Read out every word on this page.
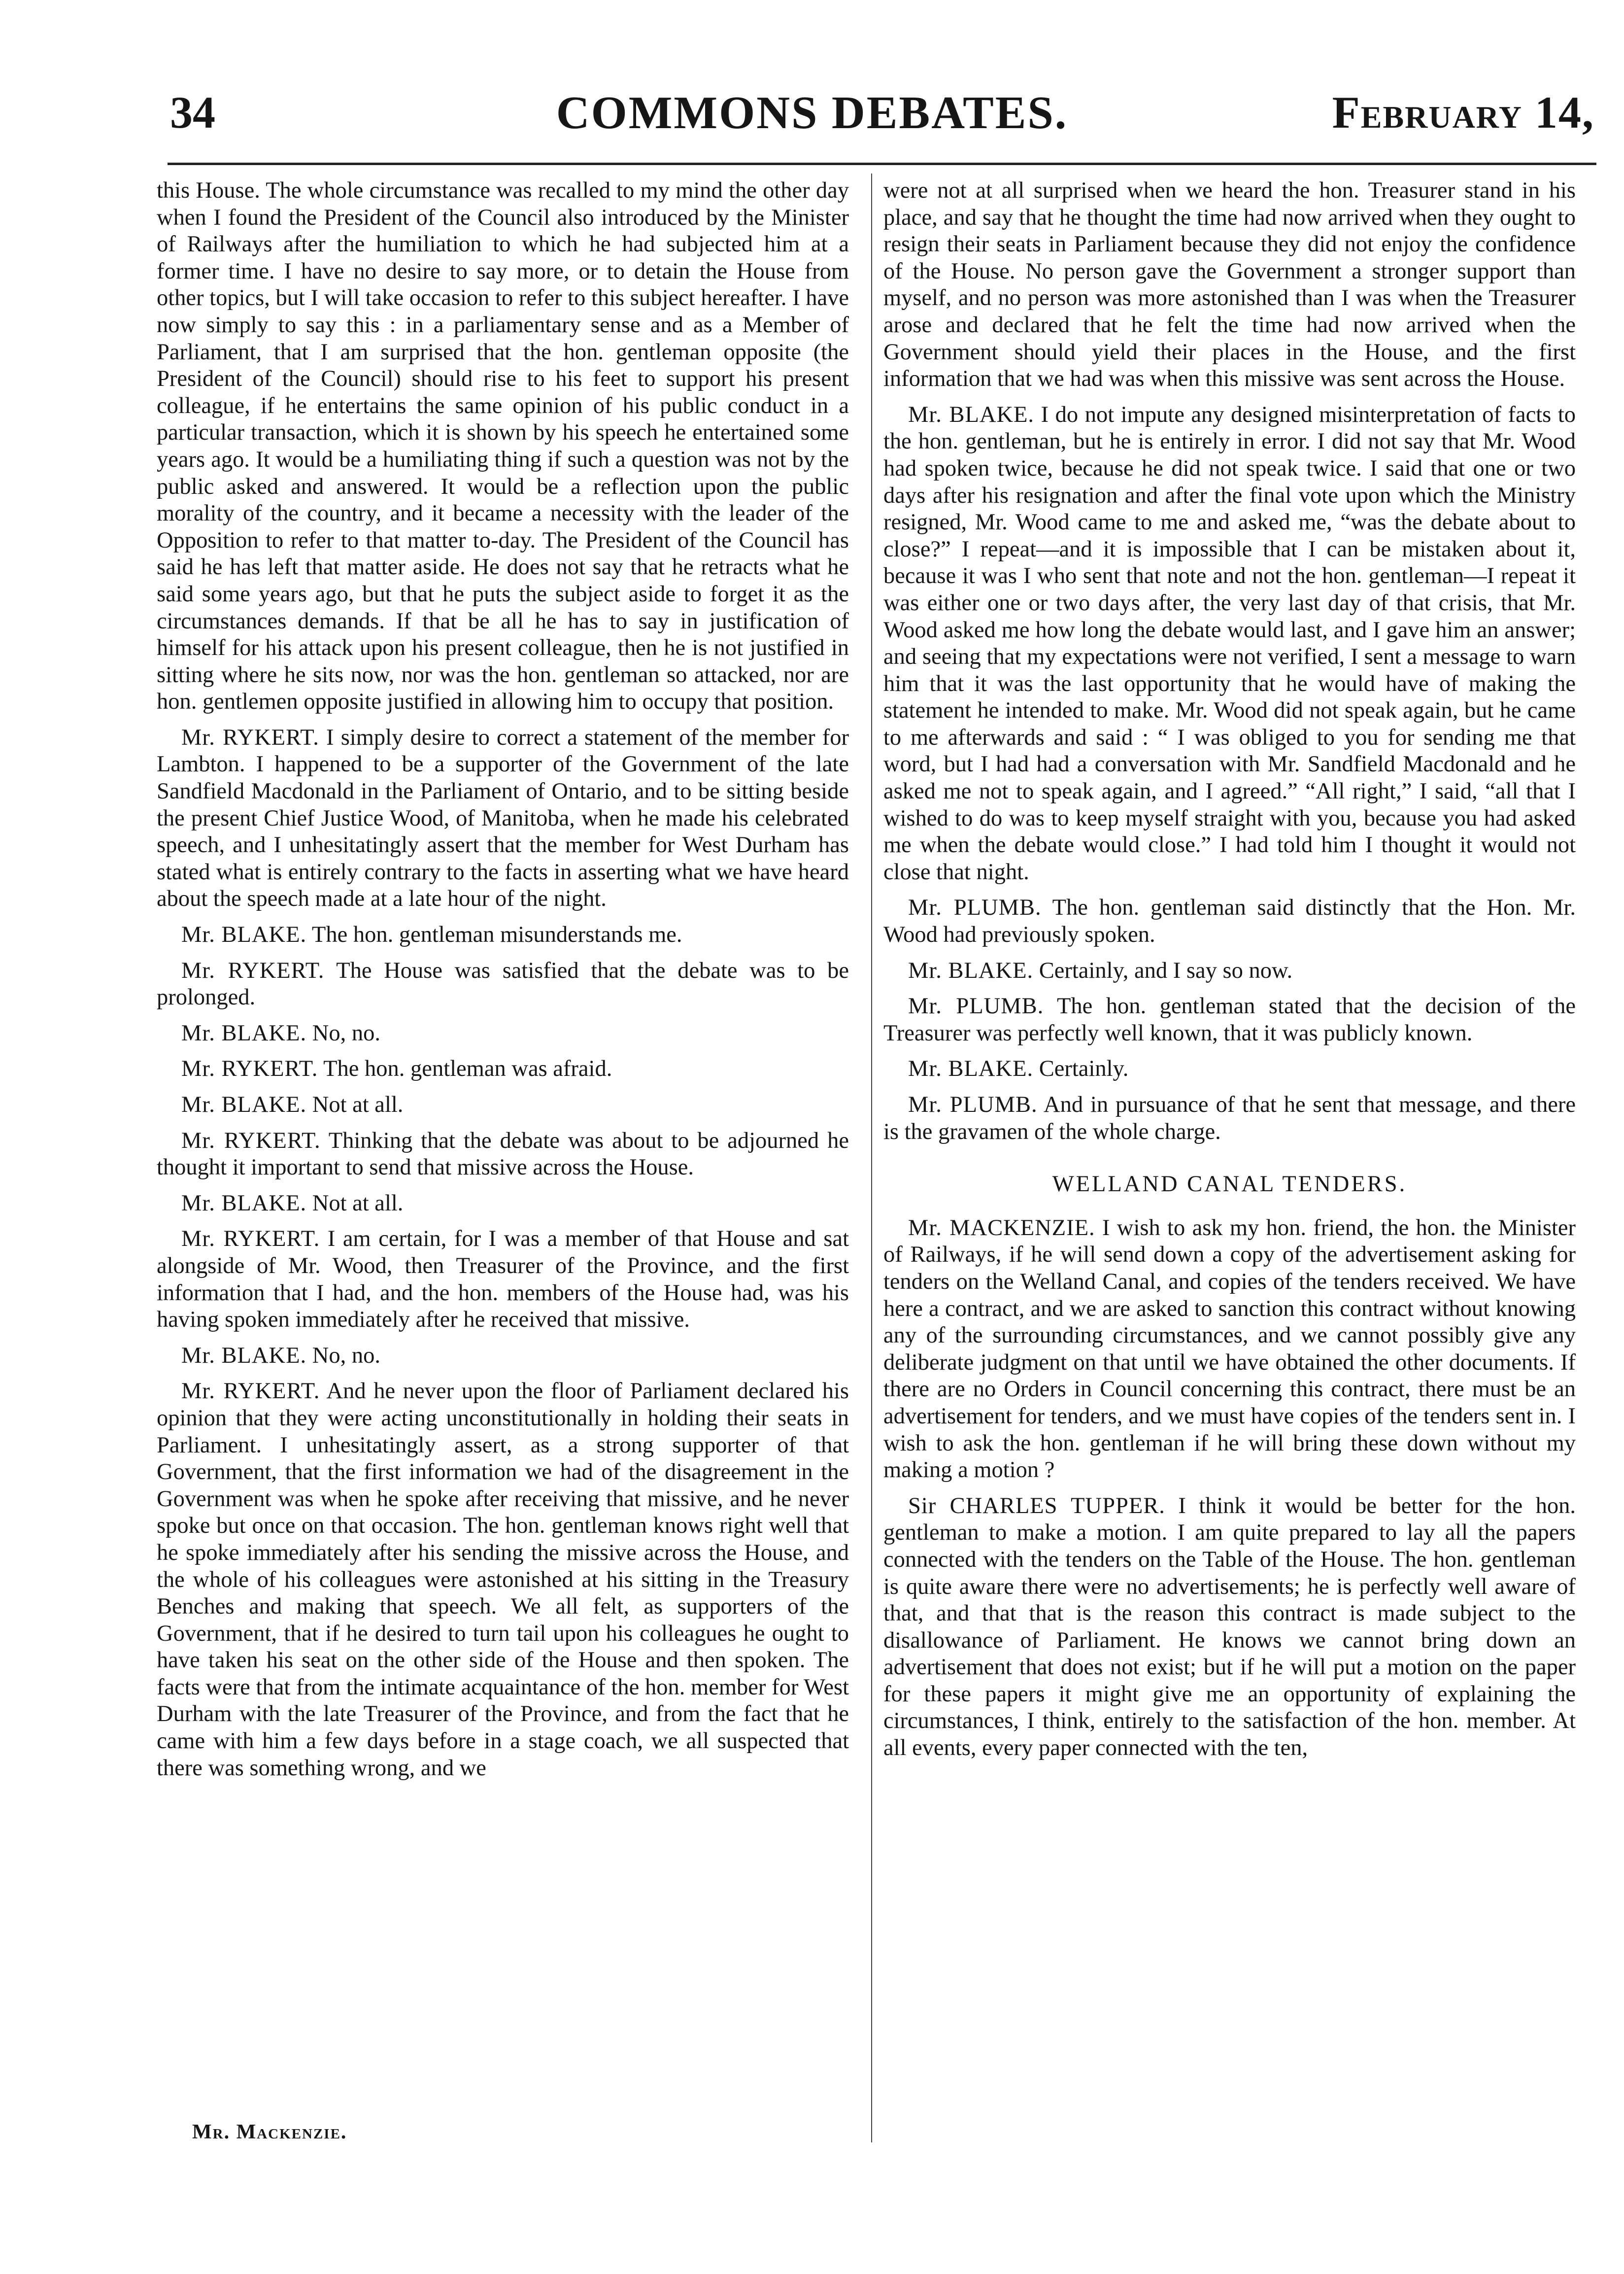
34	COMMONS DEBATES.	February 14,

this House. The whole circumstance was recalled to my mind the other day when I found the President of the Council also introduced by the Minister of Railways after the humiliation to which he had subjected him at a former time. I have no desire to say more, or to detain the House from other topics, but I will take occasion to refer to this subject hereafter. I have now simply to say this : in a parliamentary sense and as a Member of Parliament, that I am surprised that the hon. gentleman opposite (the President of the Council) should rise to his feet to support his present colleague, if he entertains the same opinion of his public conduct in a particular transaction, which it is shown by his speech he entertained some years ago. It would be a humiliating thing if such a question was not by the public asked and answered. It would be a reflection upon the public morality of the country, and it became a necessity with the leader of the Opposition to refer to that matter to-day. The President of the Council has said he has left that matter aside. He does not say that he retracts what he said some years ago, but that he puts the subject aside to forget it as the circumstances demands. If that be all he has to say in justification of himself for his attack upon his present colleague, then he is not justified in sitting where he sits now, nor was the hon. gentleman so attacked, nor are hon. gentlemen opposite justified in allowing him to occupy that position.

Mr. RYKERT. I simply desire to correct a statement of the member for Lambton. I happened to be a supporter of the Government of the late Sandfield Macdonald in the Parliament of Ontario, and to be sitting beside the present Chief Justice Wood, of Manitoba, when he made his celebrated speech, and I unhesitatingly assert that the member for West Durham has stated what is entirely contrary to the facts in asserting what we have heard about the speech made at a late hour of the night.

Mr. BLAKE. The hon. gentleman misunderstands me.

Mr. RYKERT. The House was satisfied that the debate was to be prolonged.

Mr. BLAKE. No, no.

Mr. RYKERT. The hon. gentleman was afraid.

Mr. BLAKE. Not at all.

Mr. RYKERT. Thinking that the debate was about to be adjourned he thought it important to send that missive across the House.

Mr. BLAKE. Not at all.

Mr. RYKERT. I am certain, for I was a member of that House and sat alongside of Mr. Wood, then Treasurer of the Province, and the first information that I had, and the hon. members of the House had, was his having spoken immediately after he received that missive.

Mr. BLAKE. No, no.

Mr. RYKERT. And he never upon the floor of Parliament declared his opinion that they were acting unconstitutionally in holding their seats in Parliament. I unhesitatingly assert, as a strong supporter of that Government, that the first information we had of the disagreement in the Government was when he spoke after receiving that missive, and he never spoke but once on that occasion. The hon. gentleman knows right well that he spoke immediately after his sending the missive across the House, and the whole of his colleagues were astonished at his sitting in the Treasury Benches and making that speech. We all felt, as supporters of the Government, that if he desired to turn tail upon his colleagues he ought to have taken his seat on the other side of the House and then spoken. The facts were that from the intimate acquaintance of the hon. member for West Durham with the late Treasurer of the Province, and from the fact that he came with him a few days before in a stage coach, we all suspected that there was something wrong, and we

were not at all surprised when we heard the hon. Treasurer stand in his place, and say that he thought the time had now arrived when they ought to resign their seats in Parliament because they did not enjoy the confidence of the House. No person gave the Government a stronger support than myself, and no person was more astonished than I was when the Treasurer arose and declared that he felt the time had now arrived when the Government should yield their places in the House, and the first information that we had was when this missive was sent across the House.

Mr. BLAKE. I do not impute any designed misinterpretation of facts to the hon. gentleman, but he is entirely in error. I did not say that Mr. Wood had spoken twice, because he did not speak twice. I said that one or two days after his resignation and after the final vote upon which the Ministry resigned, Mr. Wood came to me and asked me, “was the debate about to close?” I repeat—and it is impossible that I can be mistaken about it, because it was I who sent that note and not the hon. gentleman—I repeat it was either one or two days after, the very last day of that crisis, that Mr. Wood asked me how long the debate would last, and I gave him an answer; and seeing that my expectations were not verified, I sent a message to warn him that it was the last opportunity that he would have of making the statement he intended to make. Mr. Wood did not speak again, but he came to me afterwards and said : “ I was obliged to you for sending me that word, but I had had a conversation with Mr. Sandfield Macdonald and he asked me not to speak again, and I agreed.” “All right,” I said, “all that I wished to do was to keep myself straight with you, because you had asked me when the debate would close.” I had told him I thought it would not close that night.

Mr. PLUMB. The hon. gentleman said distinctly that the Hon. Mr. Wood had previously spoken.

Mr. BLAKE. Certainly, and I say so now.

Mr. PLUMB. The hon. gentleman stated that the decision of the Treasurer was perfectly well known, that it was publicly known.

Mr. BLAKE. Certainly.

Mr. PLUMB. And in pursuance of that he sent that message, and there is the gravamen of the whole charge.

WELLAND CANAL TENDERS.

Mr. MACKENZIE. I wish to ask my hon. friend, the hon. the Minister of Railways, if he will send down a copy of the advertisement asking for tenders on the Welland Canal, and copies of the tenders received. We have here a contract, and we are asked to sanction this contract without knowing any of the surrounding circumstances, and we cannot possibly give any deliberate judgment on that until we have obtained the other documents. If there are no Orders in Council concerning this contract, there must be an advertisement for tenders, and we must have copies of the tenders sent in. I wish to ask the hon. gentleman if he will bring these down without my making a motion ?

Sir CHARLES TUPPER. I think it would be better for the hon. gentleman to make a motion. I am quite prepared to lay all the papers connected with the tenders on the Table of the House. The hon. gentleman is quite aware there were no advertisements; he is perfectly well aware of that, and that that is the reason this contract is made subject to the disallowance of Parliament. He knows we cannot bring down an advertisement that does not exist; but if he will put a motion on the paper for these papers it might give me an opportunity of explaining the circumstances, I think, entirely to the satisfaction of the hon. member. At all events, every paper connected with the ten,

Mr. Mackenzie.
